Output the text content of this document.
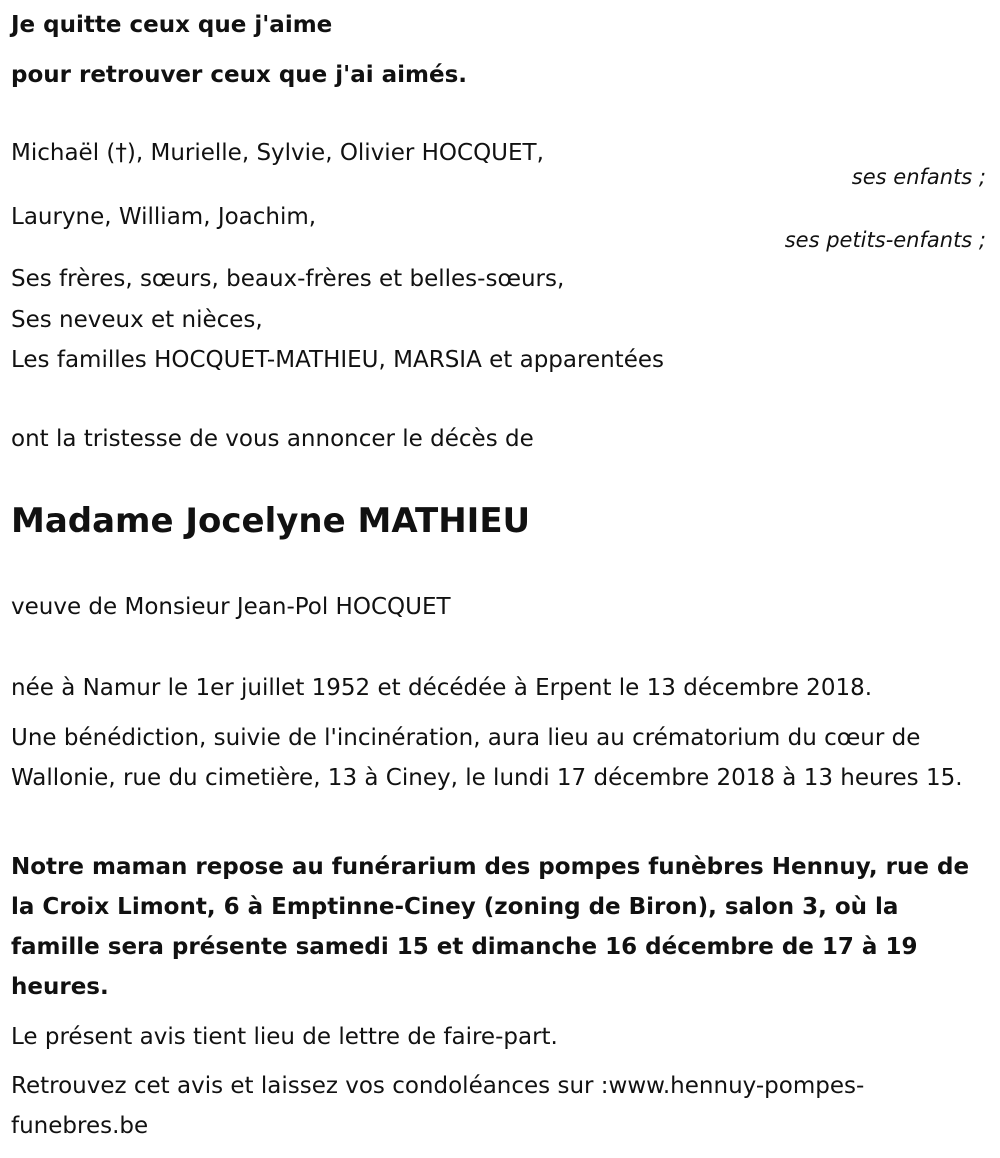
Je quitte ceux que j'aime
pour retrouver ceux que j'ai aimés.
Michaël (†), Murielle, Sylvie, Olivier HOCQUET,
ses enfants ;
Lauryne, William, Joachim,
ses petits-enfants ;
Ses frères, sœurs, beaux-frères et belles-sœurs,
Ses neveux et nièces,
Les familles HOCQUET-MATHIEU, MARSIA et apparentées
ont la tristesse de vous annoncer le décès de
Madame Jocelyne MATHIEU
veuve de Monsieur Jean-Pol HOCQUET
née à Namur le 1er juillet 1952 et décédée à Erpent le 13 décembre 2018.
Une bénédiction, suivie de l'incinération, aura lieu au crématorium du cœur de Wallonie, rue du cimetière, 13 à Ciney, le lundi 17 décembre 2018 à 13 heures 15.
Notre maman repose au funérarium des pompes funèbres Hennuy, rue de la Croix Limont, 6 à Emptinne-Ciney (zoning de Biron), salon 3, où la famille sera présente samedi 15 et dimanche 16 décembre de 17 à 19 heures.
Le présent avis tient lieu de lettre de faire-part.
Retrouvez cet avis et laissez vos condoléances sur :www.hennuy-pompes-funebres.be
